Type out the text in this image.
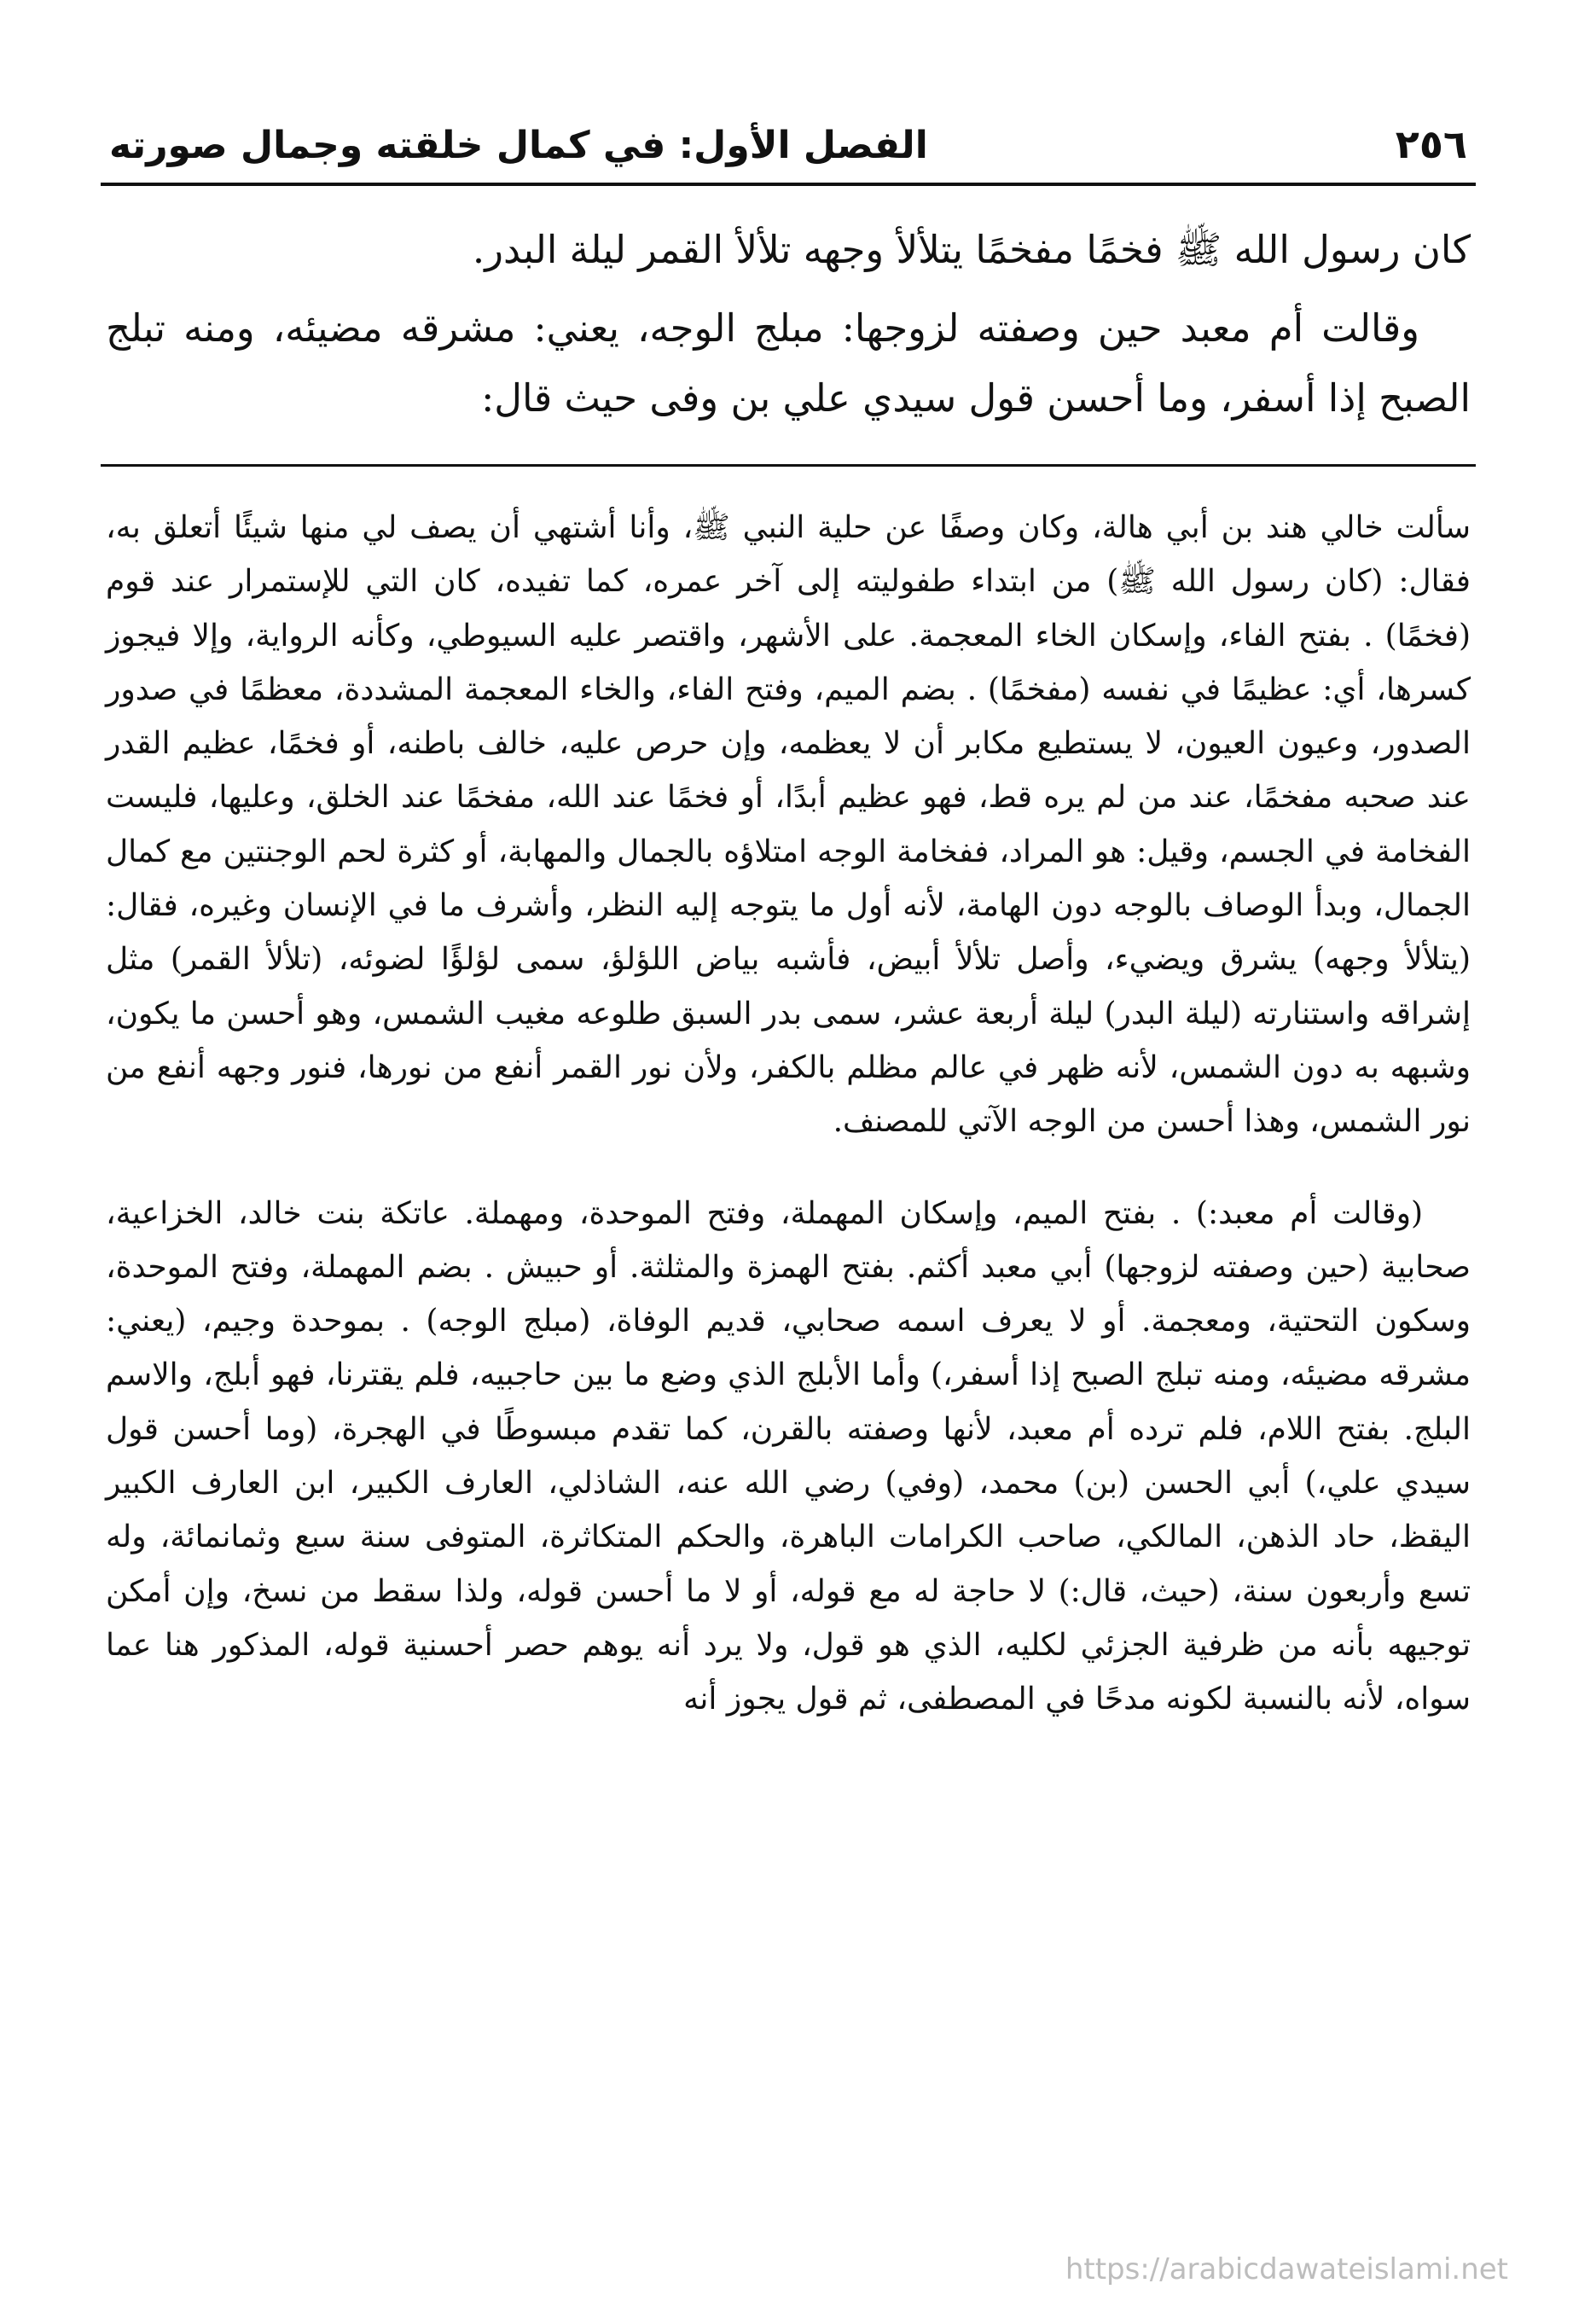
٢٥٦
الفصل الأول: في كمال خلقته وجمال صورته

كان رسول الله ﷺ فخمًا مفخمًا يتلألأ وجهه تلألأ القمر ليلة البدر.

وقالت أم معبد حين وصفته لزوجها: مبلج الوجه، يعني: مشرقه مضيئه، ومنه تبلج الصبح إذا أسفر، وما أحسن قول سيدي علي بن وفى حيث قال:

سألت خالي هند بن أبي هالة، وكان وصفًا عن حلية النبي ﷺ، وأنا أشتهي أن يصف لي منها شيئًا أتعلق به، فقال: (كان رسول الله ﷺ) من ابتداء طفوليته إلى آخر عمره، كما تفيده، كان التي للإستمرار عند قوم (فخمًا) . بفتح الفاء، وإسكان الخاء المعجمة. على الأشهر، واقتصر عليه السيوطي، وكأنه الرواية، وإلا فيجوز كسرها، أي: عظيمًا في نفسه (مفخمًا) . بضم الميم، وفتح الفاء، والخاء المعجمة المشددة، معظمًا في صدور الصدور، وعيون العيون، لا يستطيع مكابر أن لا يعظمه، وإن حرص عليه، خالف باطنه، أو فخمًا، عظيم القدر عند صحبه مفخمًا، عند من لم يره قط، فهو عظيم أبدًا، أو فخمًا عند الله، مفخمًا عند الخلق، وعليها، فليست الفخامة في الجسم، وقيل: هو المراد، ففخامة الوجه امتلاؤه بالجمال والمهابة، أو كثرة لحم الوجنتين مع كمال الجمال، وبدأ الوصاف بالوجه دون الهامة، لأنه أول ما يتوجه إليه النظر، وأشرف ما في الإنسان وغيره، فقال: (يتلألأ وجهه) يشرق ويضيء، وأصل تلألأ أبيض، فأشبه بياض اللؤلؤ، سمى لؤلؤًا لضوئه، (تلألأ القمر) مثل إشراقه واستنارته (ليلة البدر) ليلة أربعة عشر، سمى بدر السبق طلوعه مغيب الشمس، وهو أحسن ما يكون، وشبهه به دون الشمس، لأنه ظهر في عالم مظلم بالكفر، ولأن نور القمر أنفع من نورها، فنور وجهه أنفع من نور الشمس، وهذا أحسن من الوجه الآتي للمصنف.

(وقالت أم معبد:) . بفتح الميم، وإسكان المهملة، وفتح الموحدة، ومهملة. عاتكة بنت خالد، الخزاعية، صحابية (حين وصفته لزوجها) أبي معبد أكثم. بفتح الهمزة والمثلثة. أو حبيش . بضم المهملة، وفتح الموحدة، وسكون التحتية، ومعجمة. أو لا يعرف اسمه صحابي، قديم الوفاة، (مبلج الوجه) . بموحدة وجيم، (يعني: مشرقه مضيئه، ومنه تبلج الصبح إذا أسفر،) وأما الأبلج الذي وضع ما بين حاجبيه، فلم يقترنا، فهو أبلج، والاسم البلج. بفتح اللام، فلم ترده أم معبد، لأنها وصفته بالقرن، كما تقدم مبسوطًا في الهجرة، (وما أحسن قول سيدي علي،) أبي الحسن (بن) محمد، (وفي) رضي الله عنه، الشاذلي، العارف الكبير، ابن العارف الكبير اليقظ، حاد الذهن، المالكي، صاحب الكرامات الباهرة، والحكم المتكاثرة، المتوفى سنة سبع وثمانمائة، وله تسع وأربعون سنة، (حيث، قال:) لا حاجة له مع قوله، أو لا ما أحسن قوله، ولذا سقط من نسخ، وإن أمكن توجيهه بأنه من ظرفية الجزئي لكليه، الذي هو قول، ولا يرد أنه يوهم حصر أحسنية قوله، المذكور هنا عما سواه، لأنه بالنسبة لكونه مدحًا في المصطفى، ثم قول يجوز أنه

https://arabicdawateislami.net
